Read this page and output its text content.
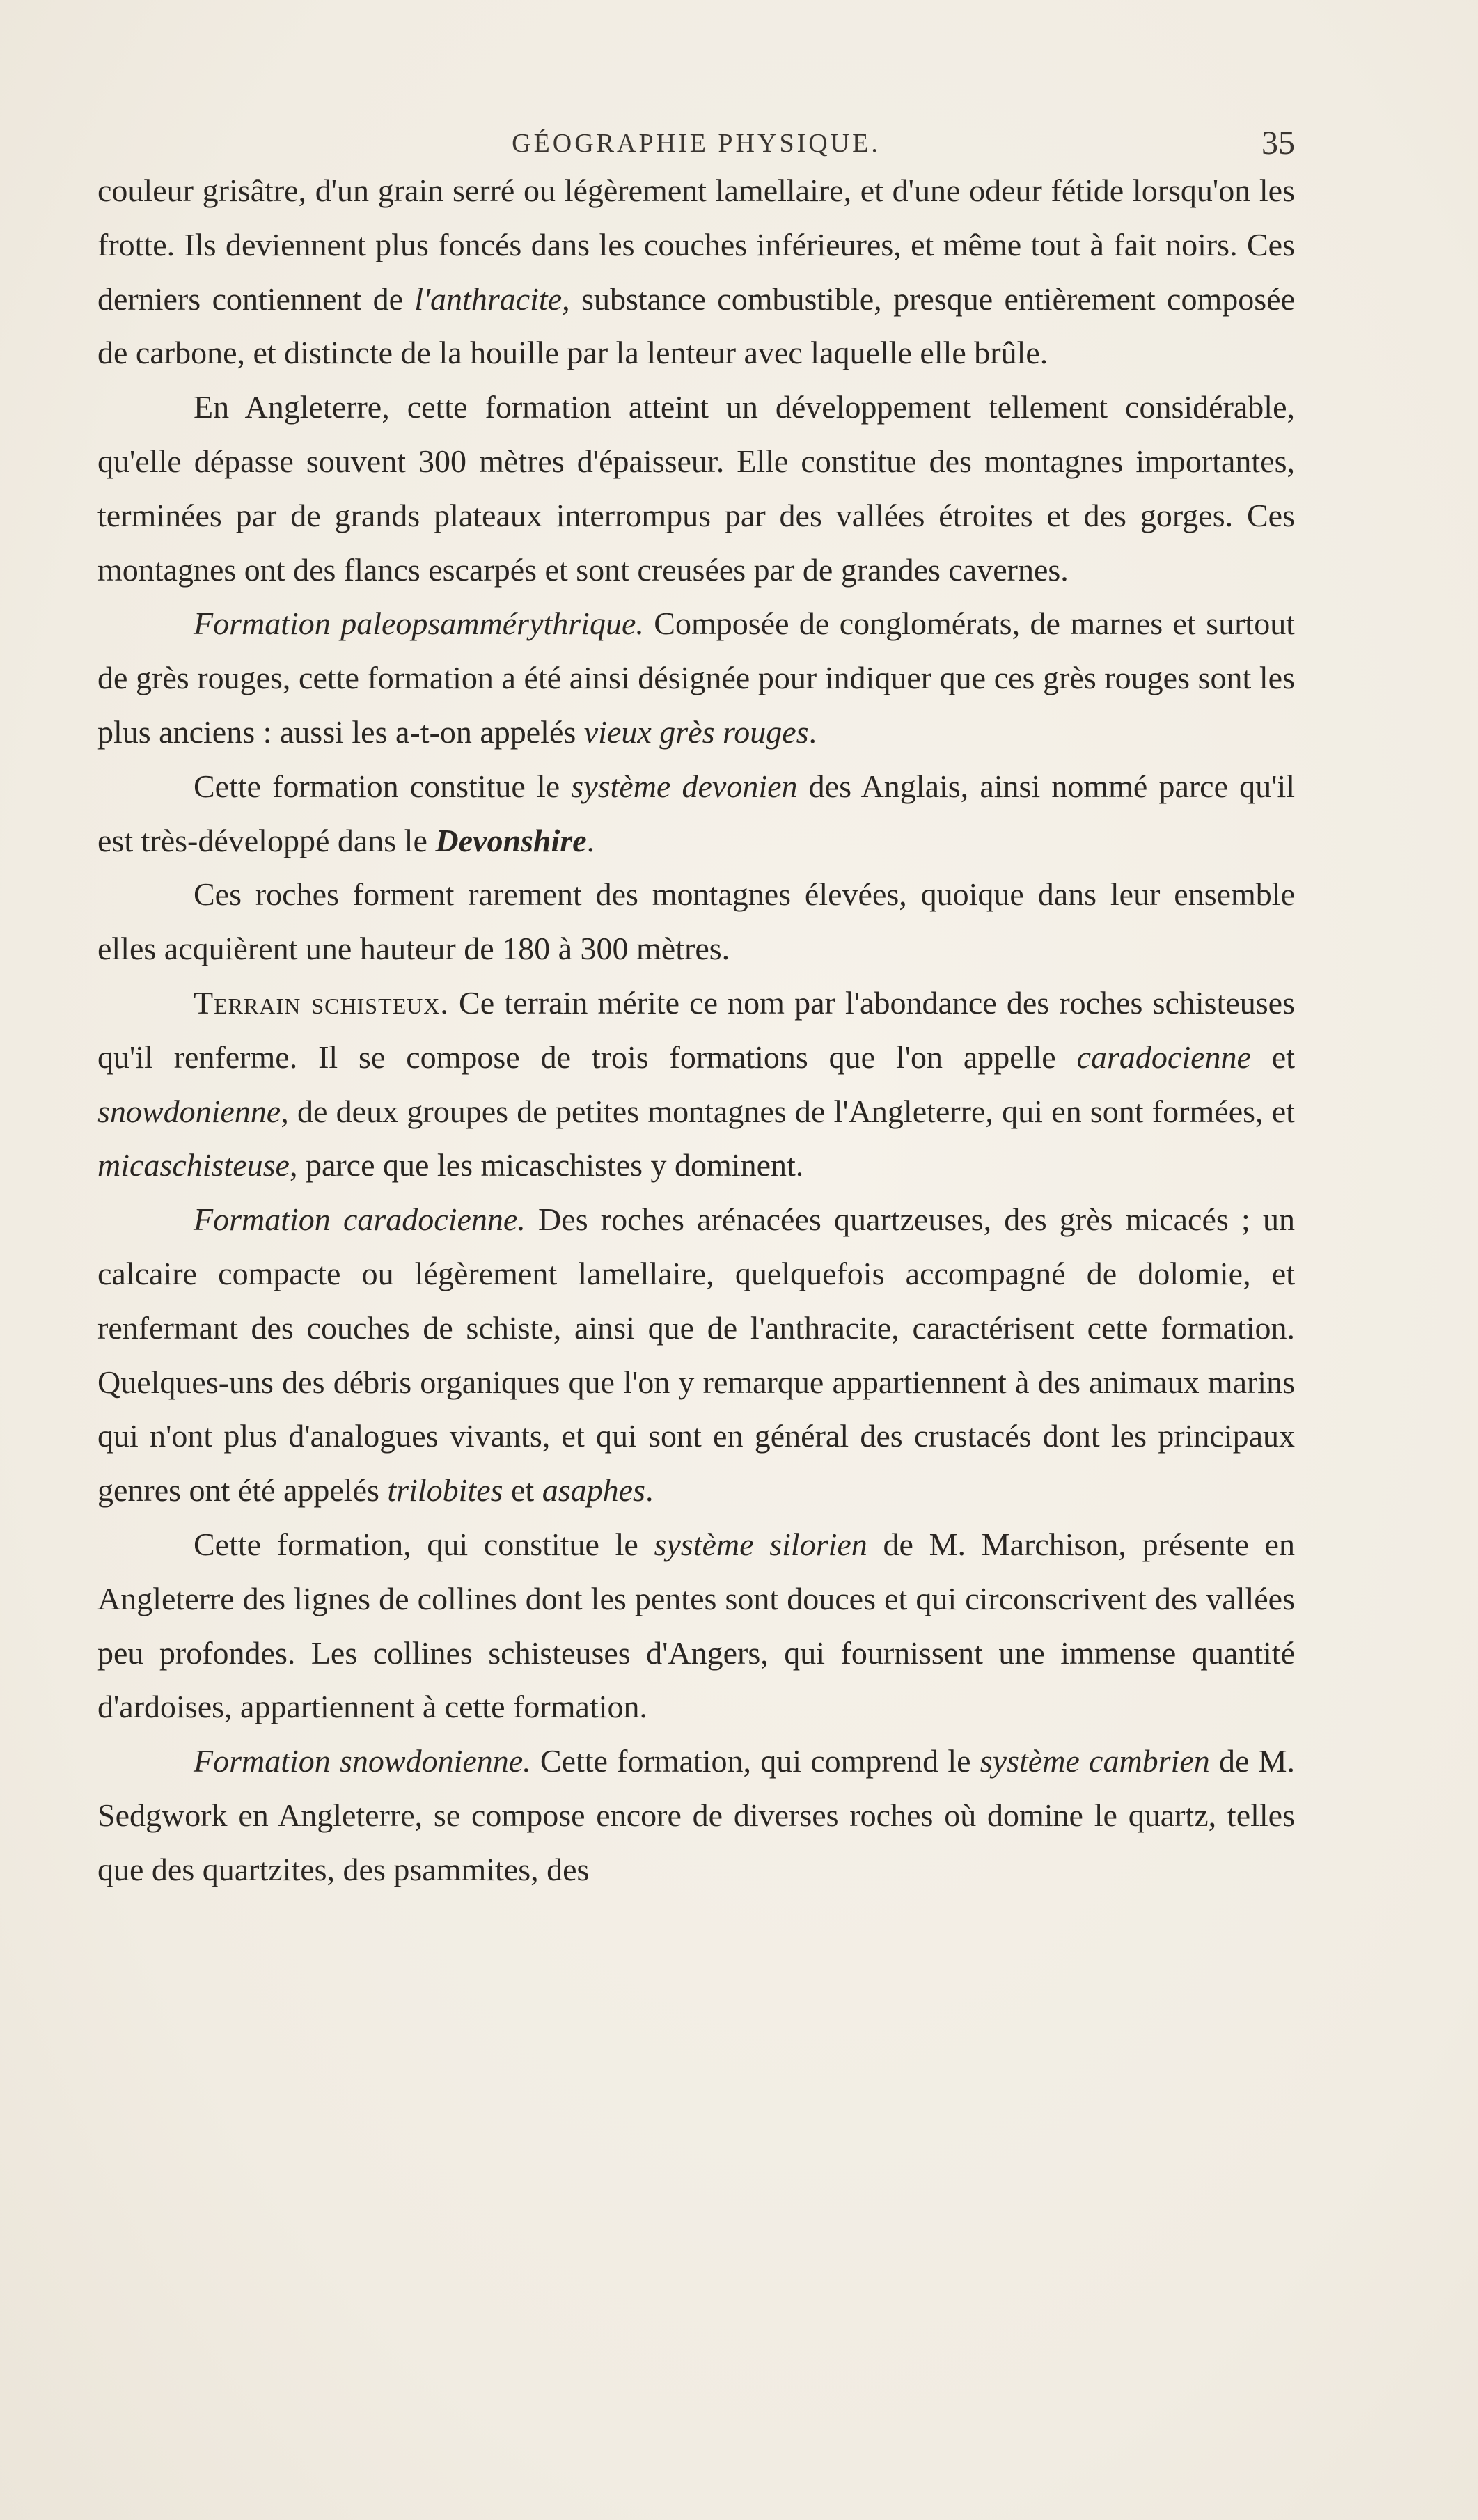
GÉOGRAPHIE PHYSIQUE.	35

couleur grisâtre, d'un grain serré ou légèrement lamellaire, et d'une odeur fétide lorsqu'on les frotte. Ils deviennent plus foncés dans les couches inférieures, et même tout à fait noirs. Ces derniers contiennent de l'anthracite, substance combustible, presque entièrement composée de carbone, et distincte de la houille par la lenteur avec laquelle elle brûle.

En Angleterre, cette formation atteint un développement tellement considérable, qu'elle dépasse souvent 300 mètres d'épaisseur. Elle constitue des montagnes importantes, terminées par de grands plateaux interrompus par des vallées étroites et des gorges. Ces montagnes ont des flancs escarpés et sont creusées par de grandes cavernes.

Formation paleopsammérythrique. Composée de conglomérats, de marnes et surtout de grès rouges, cette formation a été ainsi désignée pour indiquer que ces grès rouges sont les plus anciens : aussi les a-t-on appelés vieux grès rouges.

Cette formation constitue le système devonien des Anglais, ainsi nommé parce qu'il est très-développé dans le Devonshire.

Ces roches forment rarement des montagnes élevées, quoique dans leur ensemble elles acquièrent une hauteur de 180 à 300 mètres.

Terrain schisteux. Ce terrain mérite ce nom par l'abondance des roches schisteuses qu'il renferme. Il se compose de trois formations que l'on appelle caradocienne et snowdonienne, de deux groupes de petites montagnes de l'Angleterre, qui en sont formées, et micaschisteuse, parce que les micaschistes y dominent.

Formation caradocienne. Des roches arénacées quartzeuses, des grès micacés ; un calcaire compacte ou légèrement lamellaire, quelquefois accompagné de dolomie, et renfermant des couches de schiste, ainsi que de l'anthracite, caractérisent cette formation. Quelques-uns des débris organiques que l'on y remarque appartiennent à des animaux marins qui n'ont plus d'analogues vivants, et qui sont en général des crustacés dont les principaux genres ont été appelés trilobites et asaphes.

Cette formation, qui constitue le système silorien de M. Marchison, présente en Angleterre des lignes de collines dont les pentes sont douces et qui circonscrivent des vallées peu profondes. Les collines schisteuses d'Angers, qui fournissent une immense quantité d'ardoises, appartiennent à cette formation.

Formation snowdonienne. Cette formation, qui comprend le système cambrien de M. Sedgwork en Angleterre, se compose encore de diverses roches où domine le quartz, telles que des quartzites, des psammites, des
